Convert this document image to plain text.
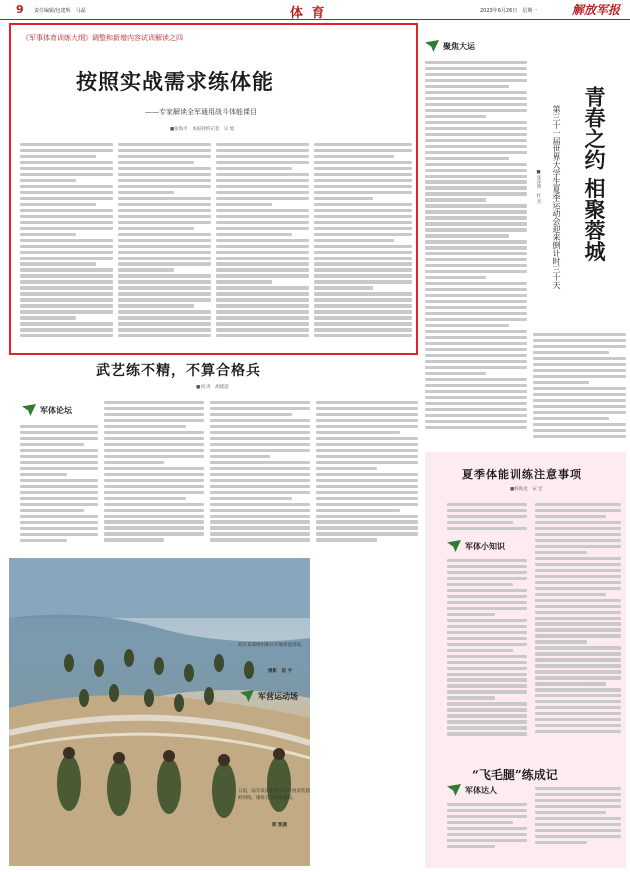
9 责任编辑/包建辉　马磊	体 育	2023年6月26日　星期一	解放军报
《军事体育训练大纲》调整和新增内容试训解读之四
按照实战需求练体能
——专家解读全军通用战斗体能课目
■张海平　本报特约记者　吴 旭
武艺练不精，不算合格兵
■刘 涛　胡建超
军体论坛
海军某部组织新兵开展体能训练。
摄影　段 宇
军营运动场
日前，陆军某部组织官兵开展武装越野训练，锤炼官兵体能素质。
郭 凯摄
聚焦大运
青春之约 相聚蓉城
第三十一届世界大学生夏季运动会迎来倒计时三十天
■张泽明　杜 杰
夏季体能训练注意事项
■杨海龙　宋 宏
军体小知识
“飞毛腿”练成记
军体达人
